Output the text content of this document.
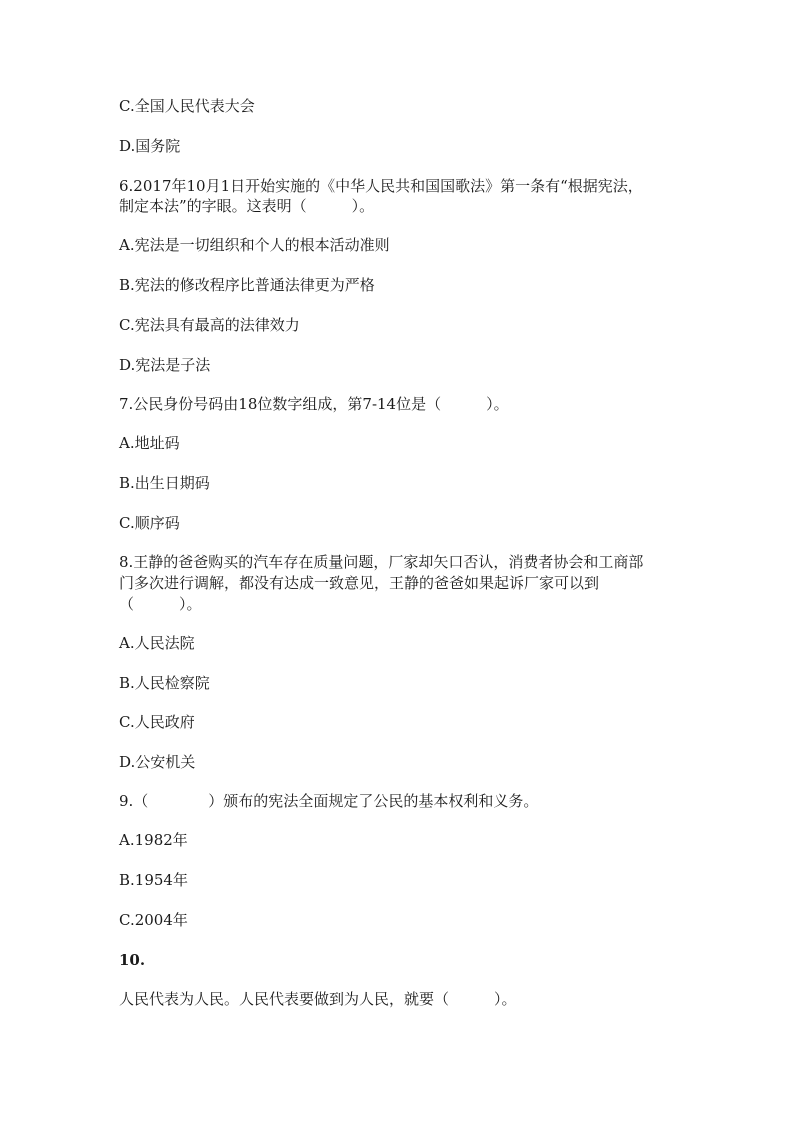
C.全国人民代表大会
D.国务院
6.2017年10月1日开始实施的《中华人民共和国国歌法》第一条有“根据宪法，
制定本法”的字眼。这表明（　　　）。
A.宪法是一切组织和个人的根本活动准则
B.宪法的修改程序比普通法律更为严格
C.宪法具有最高的法律效力
D.宪法是子法
7.公民身份号码由18位数字组成，第7-14位是（　　　）。
A.地址码
B.出生日期码
C.顺序码
8.王静的爸爸购买的汽车存在质量问题，厂家却矢口否认，消费者协会和工商部
门多次进行调解，都没有达成一致意见，王静的爸爸如果起诉厂家可以到
（　　　）。
A.人民法院
B.人民检察院
C.人民政府
D.公安机关
9.（　　　　）颁布的宪法全面规定了公民的基本权利和义务。
A.1982年
B.1954年
C.2004年
10.
人民代表为人民。人民代表要做到为人民，就要（　　　）。
